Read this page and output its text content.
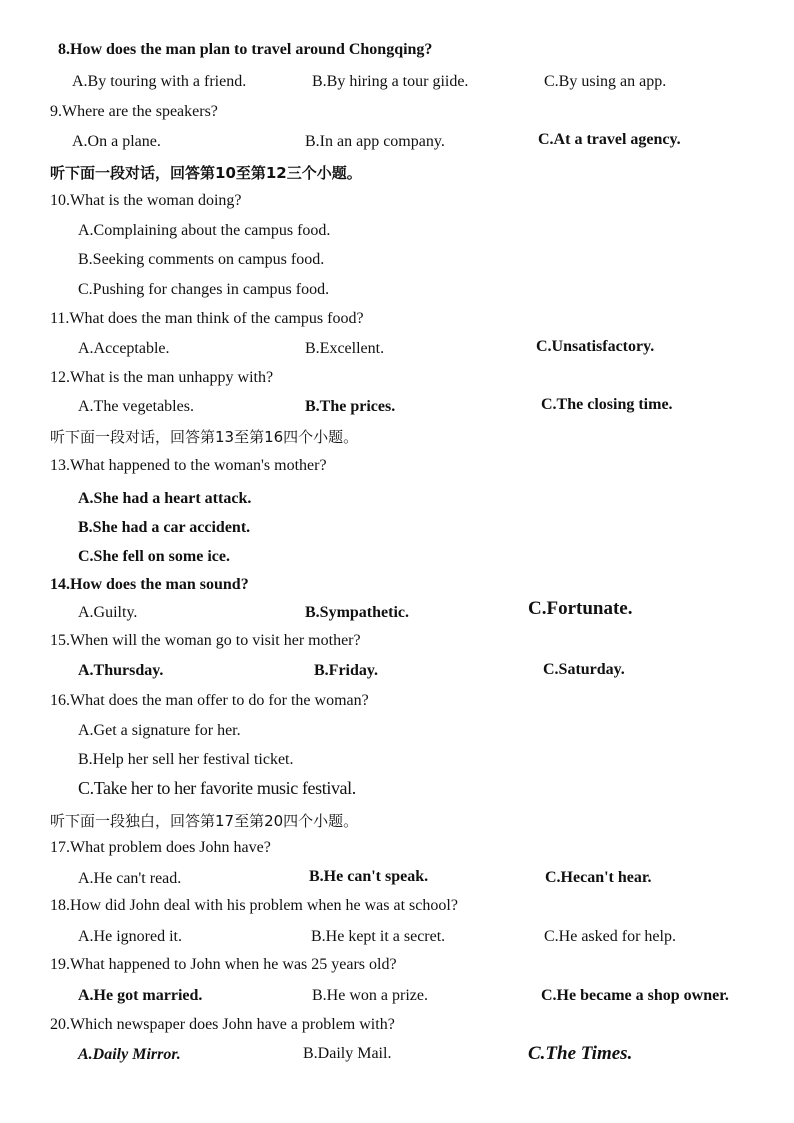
8.How does the man plan to travel around Chongqing?
A.By touring with a friend.	B.By hiring a tour giide.	C.By using an app.
9.Where are the speakers?
A.On a plane.	B.In an app company.	C.At a travel agency.
听下面一段对话，回答第10至第12三个小题。
10.What is the woman doing?
A.Complaining about the campus food.
B.Seeking comments on campus food.
C.Pushing for changes in campus food.
11.What does the man think of the campus food?
A.Acceptable.	B.Excellent.	C.Unsatisfactory.
12.What is the man unhappy with?
A.The vegetables.	B.The prices.	C.The closing time.
听下面一段对话，回答第13至第16四个小题。
13.What happened to the woman's mother?
A.She had a heart attack.
B.She had a car accident.
C.She fell on some ice.
14.How does the man sound?
A.Guilty.	B.Sympathetic.	C.Fortunate.
15.When will the woman go to visit her mother?
A.Thursday.	B.Friday.	C.Saturday.
16.What does the man offer to do for the woman?
A.Get a signature for her.
B.Help her sell her festival ticket.
C.Take her to her favorite music festival.
听下面一段独白，回答第17至第20四个小题。
17.What problem does John have?
A.He can't read.	B.He can't speak.	C.Hecan't hear.
18.How did John deal with his problem when he was at school?
A.He ignored it.	B.He kept it a secret.	C.He asked for help.
19.What happened to John when he was 25 years old?
A.He got married.	B.He won a prize.	C.He became a shop owner.
20.Which newspaper does John have a problem with?
A.Daily Mirror.	B.Daily Mail.	C.The Times.
